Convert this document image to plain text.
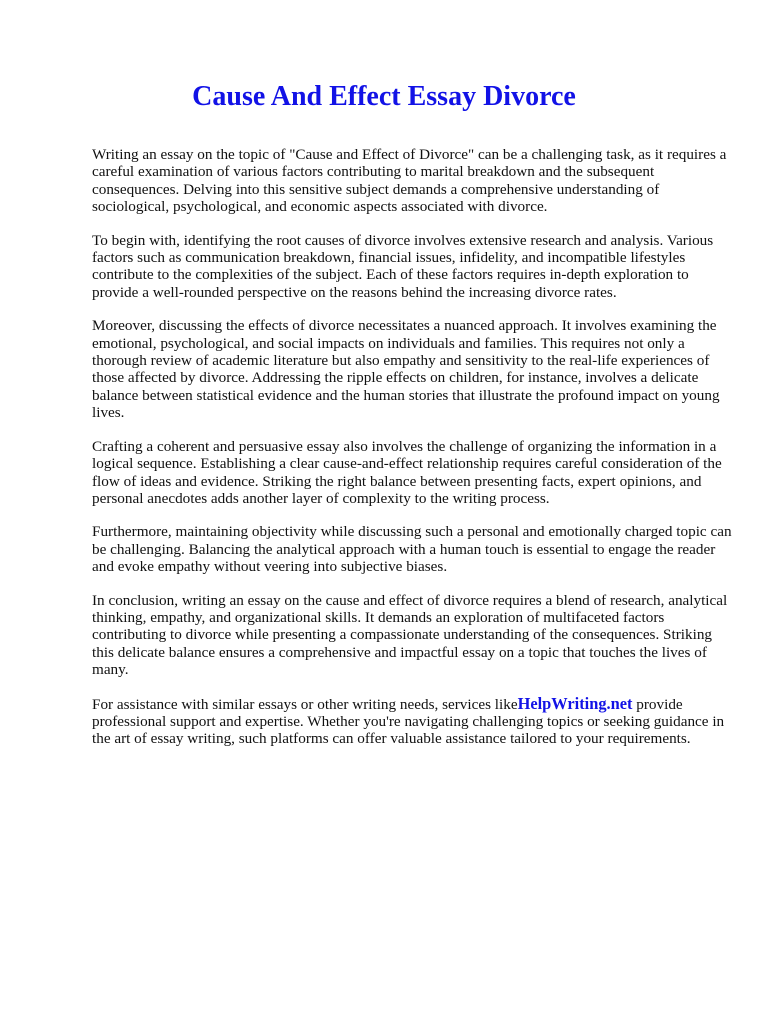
Cause And Effect Essay Divorce

Writing an essay on the topic of "Cause and Effect of Divorce" can be a challenging task, as it requires a careful examination of various factors contributing to marital breakdown and the subsequent consequences. Delving into this sensitive subject demands a comprehensive understanding of sociological, psychological, and economic aspects associated with divorce.

To begin with, identifying the root causes of divorce involves extensive research and analysis. Various factors such as communication breakdown, financial issues, infidelity, and incompatible lifestyles contribute to the complexities of the subject. Each of these factors requires in-depth exploration to provide a well-rounded perspective on the reasons behind the increasing divorce rates.

Moreover, discussing the effects of divorce necessitates a nuanced approach. It involves examining the emotional, psychological, and social impacts on individuals and families. This requires not only a thorough review of academic literature but also empathy and sensitivity to the real-life experiences of those affected by divorce. Addressing the ripple effects on children, for instance, involves a delicate balance between statistical evidence and the human stories that illustrate the profound impact on young lives.

Crafting a coherent and persuasive essay also involves the challenge of organizing the information in a logical sequence. Establishing a clear cause-and-effect relationship requires careful consideration of the flow of ideas and evidence. Striking the right balance between presenting facts, expert opinions, and personal anecdotes adds another layer of complexity to the writing process.

Furthermore, maintaining objectivity while discussing such a personal and emotionally charged topic can be challenging. Balancing the analytical approach with a human touch is essential to engage the reader and evoke empathy without veering into subjective biases.

In conclusion, writing an essay on the cause and effect of divorce requires a blend of research, analytical thinking, empathy, and organizational skills. It demands an exploration of multifaceted factors contributing to divorce while presenting a compassionate understanding of the consequences. Striking this delicate balance ensures a comprehensive and impactful essay on a topic that touches the lives of many.

For assistance with similar essays or other writing needs, services likeHelpWriting.net provide professional support and expertise. Whether you're navigating challenging topics or seeking guidance in the art of essay writing, such platforms can offer valuable assistance tailored to your requirements.
